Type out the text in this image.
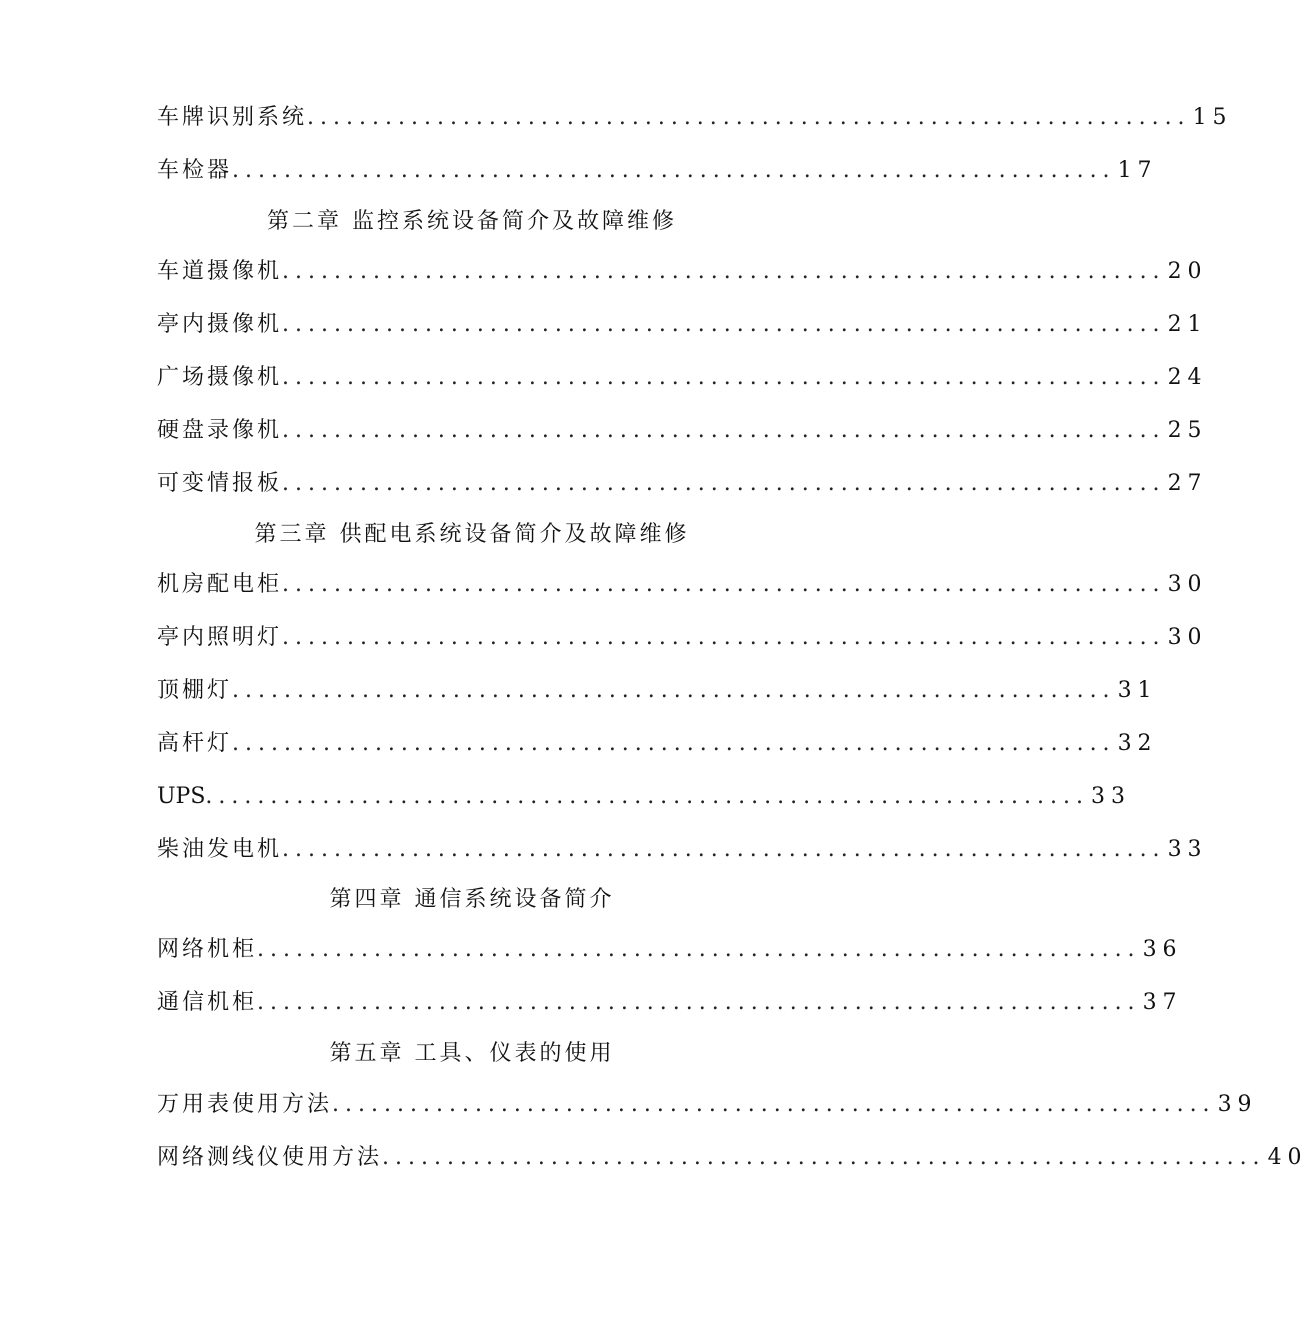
车牌识别系统 .................................................................... 15
车检器 .................................................................... 17
第二章 监控系统设备简介及故障维修
车道摄像机 .................................................................... 20
亭内摄像机 .................................................................... 21
广场摄像机 .................................................................... 24
硬盘录像机 .................................................................... 25
可变情报板 .................................................................... 27
第三章 供配电系统设备简介及故障维修
机房配电柜 .................................................................... 30
亭内照明灯 .................................................................... 30
顶棚灯 .................................................................... 31
高杆灯 .................................................................... 32
UPS .................................................................... 33
柴油发电机 .................................................................... 33
第四章 通信系统设备简介
网络机柜 .................................................................... 36
通信机柜 .................................................................... 37
第五章 工具、仪表的使用
万用表使用方法 .................................................................... 39
网络测线仪使用方法 .................................................................... 40
